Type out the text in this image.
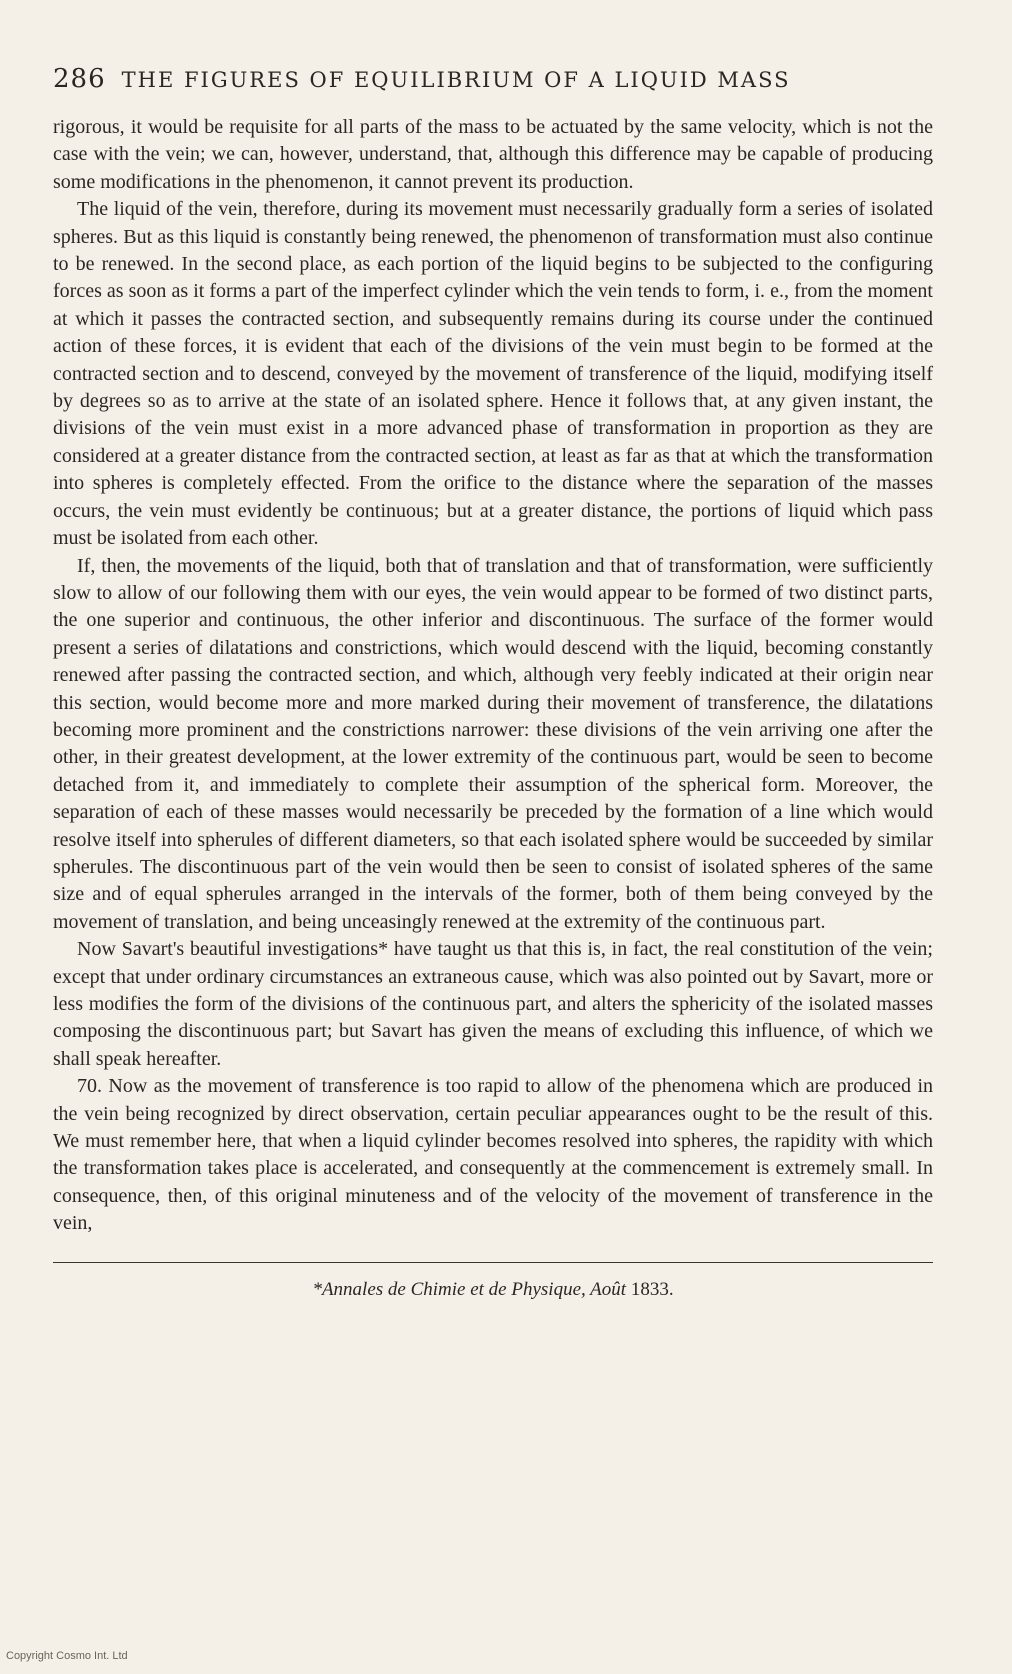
286 THE FIGURES OF EQUILIBRIUM OF A LIQUID MASS

rigorous, it would be requisite for all parts of the mass to be actuated by the same velocity, which is not the case with the vein; we can, however, understand, that, although this difference may be capable of producing some modifications in the phenomenon, it cannot prevent its production.

The liquid of the vein, therefore, during its movement must necessarily gradually form a series of isolated spheres. But as this liquid is constantly being renewed, the phenomenon of transformation must also continue to be renewed. In the second place, as each portion of the liquid begins to be subjected to the configuring forces as soon as it forms a part of the imperfect cylinder which the vein tends to form, i. e., from the moment at which it passes the contracted section, and subsequently remains during its course under the continued action of these forces, it is evident that each of the divisions of the vein must begin to be formed at the contracted section and to descend, conveyed by the movement of transference of the liquid, modifying itself by degrees so as to arrive at the state of an isolated sphere. Hence it follows that, at any given instant, the divisions of the vein must exist in a more advanced phase of transformation in proportion as they are considered at a greater distance from the contracted section, at least as far as that at which the transformation into spheres is completely effected. From the orifice to the distance where the separation of the masses occurs, the vein must evidently be continuous; but at a greater distance, the portions of liquid which pass must be isolated from each other.

If, then, the movements of the liquid, both that of translation and that of transformation, were sufficiently slow to allow of our following them with our eyes, the vein would appear to be formed of two distinct parts, the one superior and continuous, the other inferior and discontinuous. The surface of the former would present a series of dilatations and constrictions, which would descend with the liquid, becoming constantly renewed after passing the contracted section, and which, although very feebly indicated at their origin near this section, would become more and more marked during their movement of transference, the dilatations becoming more prominent and the constrictions narrower: these divisions of the vein arriving one after the other, in their greatest development, at the lower extremity of the continuous part, would be seen to become detached from it, and immediately to complete their assumption of the spherical form. Moreover, the separation of each of these masses would necessarily be preceded by the formation of a line which would resolve itself into spherules of different diameters, so that each isolated sphere would be succeeded by similar spherules. The discontinuous part of the vein would then be seen to consist of isolated spheres of the same size and of equal spherules arranged in the intervals of the former, both of them being conveyed by the movement of translation, and being unceasingly renewed at the extremity of the continuous part.

Now Savart's beautiful investigations* have taught us that this is, in fact, the real constitution of the vein; except that under ordinary circumstances an extraneous cause, which was also pointed out by Savart, more or less modifies the form of the divisions of the continuous part, and alters the sphericity of the isolated masses composing the discontinuous part; but Savart has given the means of excluding this influence, of which we shall speak hereafter.

70. Now as the movement of transference is too rapid to allow of the phenomena which are produced in the vein being recognized by direct observation, certain peculiar appearances ought to be the result of this. We must remember here, that when a liquid cylinder becomes resolved into spheres, the rapidity with which the transformation takes place is accelerated, and consequently at the commencement is extremely small. In consequence, then, of this original minuteness and of the velocity of the movement of transference in the vein,

*Annales de Chimie et de Physique, Août 1833.
Copyright Cosmo Int. Ltd
